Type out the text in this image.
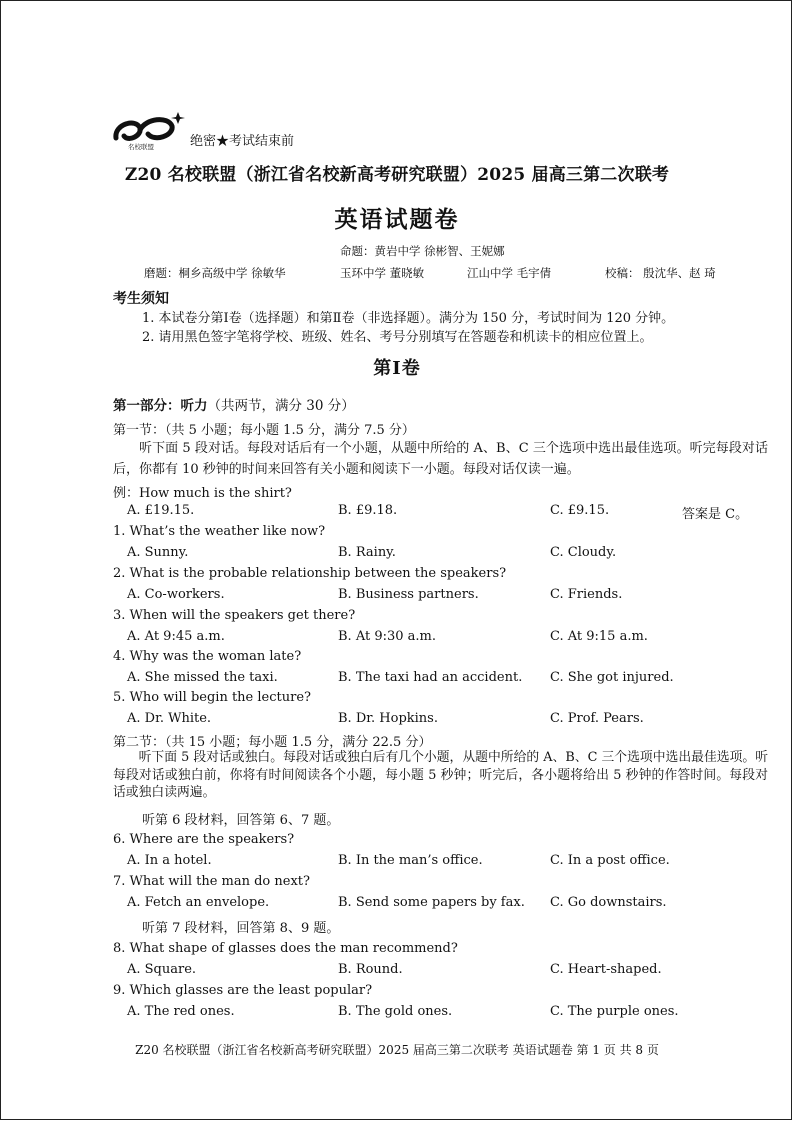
名校联盟	绝密★考试结束前
Z20 名校联盟（浙江省名校新高考研究联盟）2025 届高三第二次联考
英语试题卷
命题：黄岩中学 徐彬智、王妮娜
磨题：桐乡高级中学 徐敏华	玉环中学 董晓敏	江山中学 毛宇倩	校稿： 殷沈华、赵 琦
考生须知
1. 本试卷分第Ⅰ卷（选择题）和第Ⅱ卷（非选择题）。满分为 150 分，考试时间为 120 分钟。
2. 请用黑色签字笔将学校、班级、姓名、考号分别填写在答题卷和机读卡的相应位置上。
第Ⅰ卷
第一部分：听力（共两节，满分 30 分）
第一节：（共 5 小题；每小题 1.5 分，满分 7.5 分）
听下面 5 段对话。每段对话后有一个小题，从题中所给的 A、B、C 三个选项中选出最佳选项。听完每段对话后，你都有 10 秒钟的时间来回答有关小题和阅读下一小题。每段对话仅读一遍。
例：How much is the shirt?
A. £19.15.	B. £9.18.	C. £9.15.	答案是 C。
1. What’s the weather like now?
A. Sunny.	B. Rainy.	C. Cloudy.
2. What is the probable relationship between the speakers?
A. Co-workers.	B. Business partners.	C. Friends.
3. When will the speakers get there?
A. At 9:45 a.m.	B. At 9:30 a.m.	C. At 9:15 a.m.
4. Why was the woman late?
A. She missed the taxi.	B. The taxi had an accident. C. She got injured.
5. Who will begin the lecture?
A. Dr. White.	B. Dr. Hopkins.	C. Prof. Pears.
第二节：（共 15 小题；每小题 1.5 分，满分 22.5 分）
听下面 5 段对话或独白。每段对话或独白后有几个小题，从题中所给的 A、B、C 三个选项中选出最佳选项。听每段对话或独白前，你将有时间阅读各个小题，每小题 5 秒钟；听完后，各小题将给出 5 秒钟的作答时间。每段对话或独白读两遍。
听第 6 段材料，回答第 6、7 题。
6. Where are the speakers?
A. In a hotel.	B. In the man’s office.	C. In a post office.
7. What will the man do next?
A. Fetch an envelope.	B. Send some papers by fax. C. Go downstairs.
听第 7 段材料，回答第 8、9 题。
8. What shape of glasses does the man recommend?
A. Square.	B. Round.	C. Heart-shaped.
9. Which glasses are the least popular?
A. The red ones.	B. The gold ones.	C. The purple ones.
Z20 名校联盟（浙江省名校新高考研究联盟）2025 届高三第二次联考 英语试题卷 第 1 页 共 8 页
